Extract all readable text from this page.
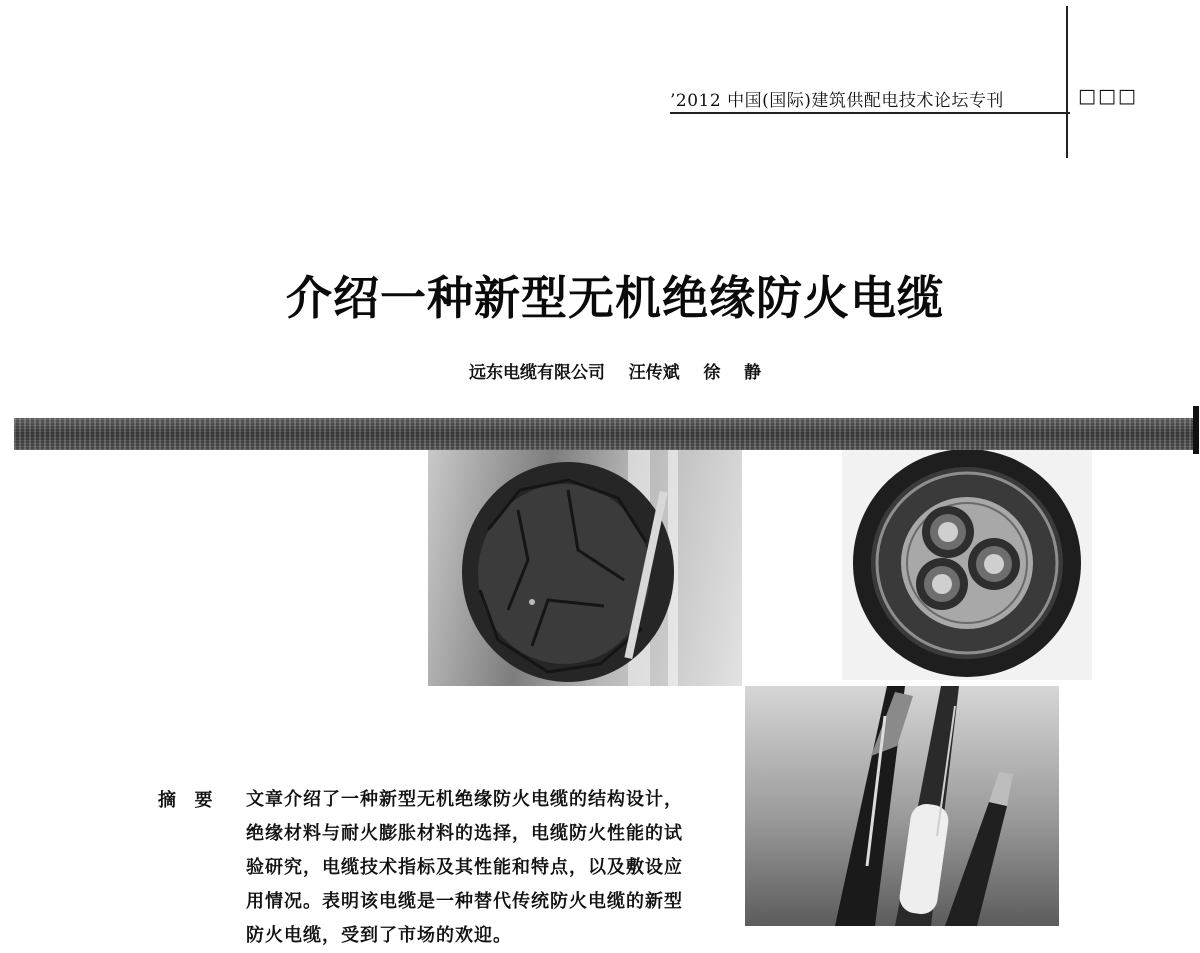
’2012 中国(国际)建筑供配电技术论坛专刊	□□□
介绍一种新型无机绝缘防火电缆
远东电缆有限公司    汪传斌    徐    静
摘  要 文章介绍了一种新型无机绝缘防火电缆的结构设计，绝缘材料与耐火膨胀材料的选择，电缆防火性能的试验研究，电缆技术指标及其性能和特点，以及敷设应用情况。表明该电缆是一种替代传统防火电缆的新型防火电缆，受到了市场的欢迎。
